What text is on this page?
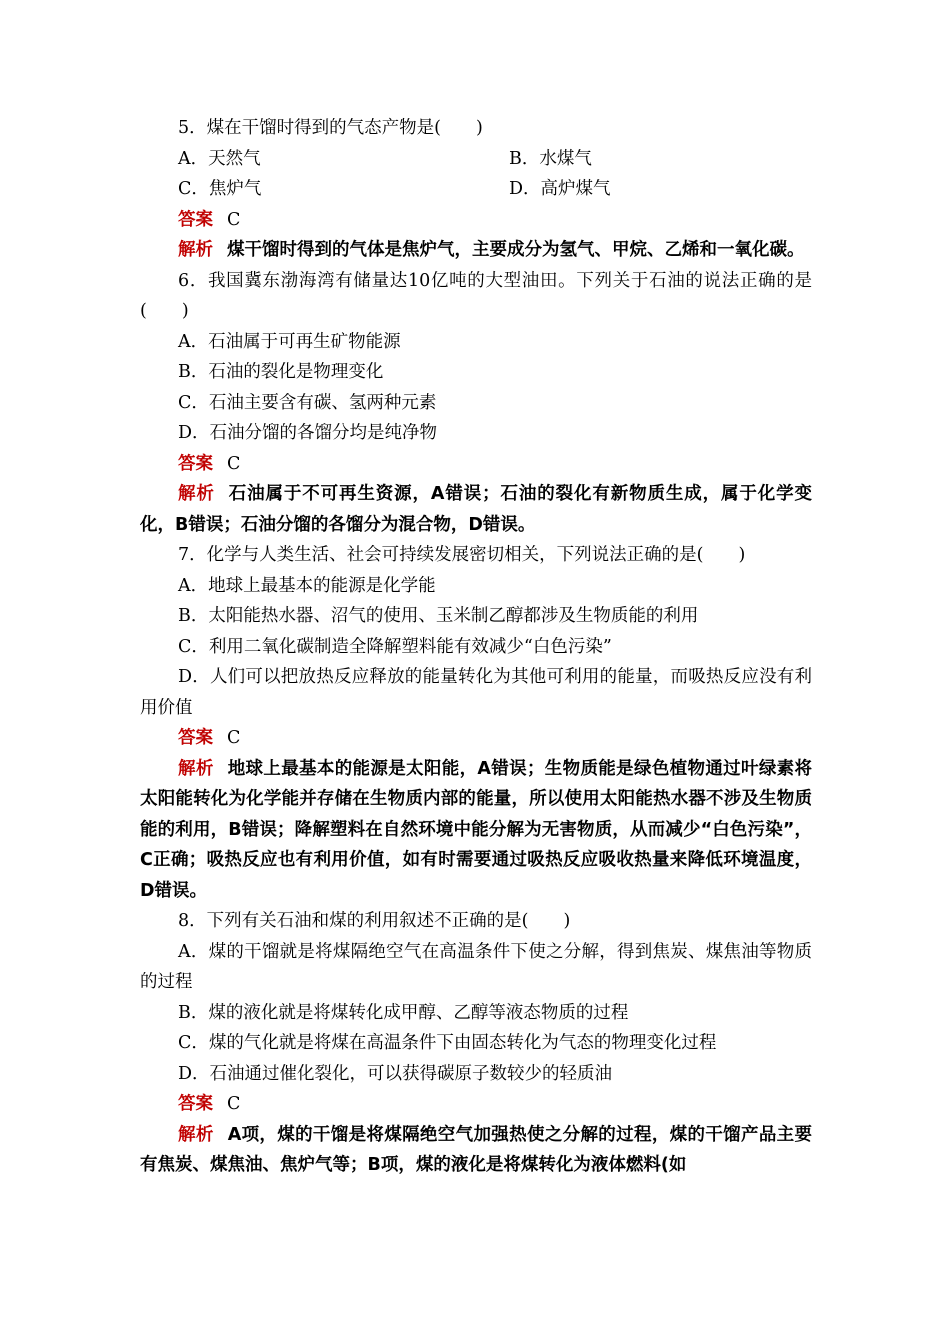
5．煤在干馏时得到的气态产物是(　　)
A．天然气	B．水煤气
C．焦炉气	D．高炉煤气
答案 C
解析 煤干馏时得到的气体是焦炉气，主要成分为氢气、甲烷、乙烯和一氧化碳。
6．我国冀东渤海湾有储量达10亿吨的大型油田。下列关于石油的说法正确的是(　　)
A．石油属于可再生矿物能源
B．石油的裂化是物理变化
C．石油主要含有碳、氢两种元素
D．石油分馏的各馏分均是纯净物
答案 C
解析 石油属于不可再生资源，A错误；石油的裂化有新物质生成，属于化学变化，B错误；石油分馏的各馏分为混合物，D错误。
7．化学与人类生活、社会可持续发展密切相关，下列说法正确的是(　　)
A．地球上最基本的能源是化学能
B．太阳能热水器、沼气的使用、玉米制乙醇都涉及生物质能的利用
C．利用二氧化碳制造全降解塑料能有效减少“白色污染”
D．人们可以把放热反应释放的能量转化为其他可利用的能量，而吸热反应没有利用价值
答案 C
解析 地球上最基本的能源是太阳能，A错误；生物质能是绿色植物通过叶绿素将太阳能转化为化学能并存储在生物质内部的能量，所以使用太阳能热水器不涉及生物质能的利用，B错误；降解塑料在自然环境中能分解为无害物质，从而减少“白色污染”，C正确；吸热反应也有利用价值，如有时需要通过吸热反应吸收热量来降低环境温度，D错误。
8．下列有关石油和煤的利用叙述不正确的是(　　)
A．煤的干馏就是将煤隔绝空气在高温条件下使之分解，得到焦炭、煤焦油等物质的过程
B．煤的液化就是将煤转化成甲醇、乙醇等液态物质的过程
C．煤的气化就是将煤在高温条件下由固态转化为气态的物理变化过程
D．石油通过催化裂化，可以获得碳原子数较少的轻质油
答案 C
解析 A项，煤的干馏是将煤隔绝空气加强热使之分解的过程，煤的干馏产品主要有焦炭、煤焦油、焦炉气等；B项，煤的液化是将煤转化为液体燃料(如
